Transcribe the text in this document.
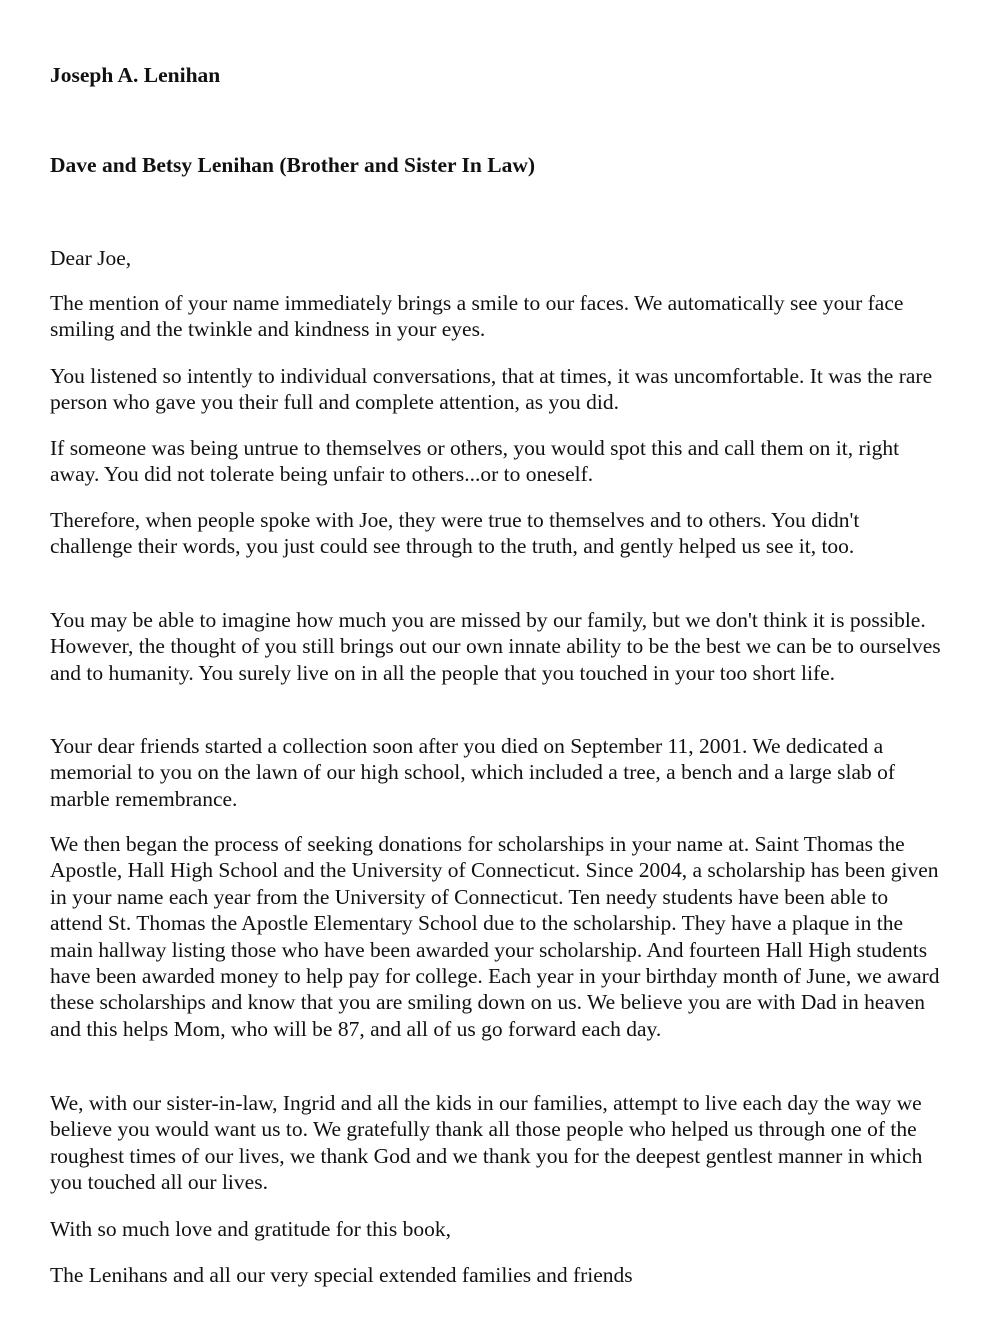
Joseph A. Lenihan
Dave and Betsy Lenihan (Brother and Sister In Law)

Dear Joe,

The mention of your name immediately brings a smile to our faces. We automatically see your face smiling and the twinkle and kindness in your eyes.

You listened so intently to individual conversations, that at times, it was uncomfortable. It was the rare person who gave you their full and complete attention, as you did.

If someone was being untrue to themselves or others, you would spot this and call them on it, right away. You did not tolerate being unfair to others...or to oneself.

Therefore, when people spoke with Joe, they were true to themselves and to others. You didn't challenge their words, you just could see through to the truth, and gently helped us see it, too.

You may be able to imagine how much you are missed by our family, but we don't think it is possible. However, the thought of you still brings out our own innate ability to be the best we can be to ourselves and to humanity. You surely live on in all the people that you touched in your too short life.

Your dear friends started a collection soon after you died on September 11, 2001. We dedicated a memorial to you on the lawn of our high school, which included a tree, a bench and a large slab of marble remembrance.

We then began the process of seeking donations for scholarships in your name at. Saint Thomas the Apostle, Hall High School and the University of Connecticut. Since 2004, a scholarship has been given in your name each year from the University of Connecticut. Ten needy students have been able to attend St. Thomas the Apostle Elementary School due to the scholarship. They have a plaque in the main hallway listing those who have been awarded your scholarship. And fourteen Hall High students have been awarded money to help pay for college. Each year in your birthday month of June, we award these scholarships and know that you are smiling down on us. We believe you are with Dad in heaven and this helps Mom, who will be 87, and all of us go forward each day.

We, with our sister-in-law, Ingrid and all the kids in our families, attempt to live each day the way we believe you would want us to. We gratefully thank all those people who helped us through one of the roughest times of our lives, we thank God and we thank you for the deepest gentlest manner in which you touched all our lives.

With so much love and gratitude for this book,

The Lenihans and all our very special extended families and friends
